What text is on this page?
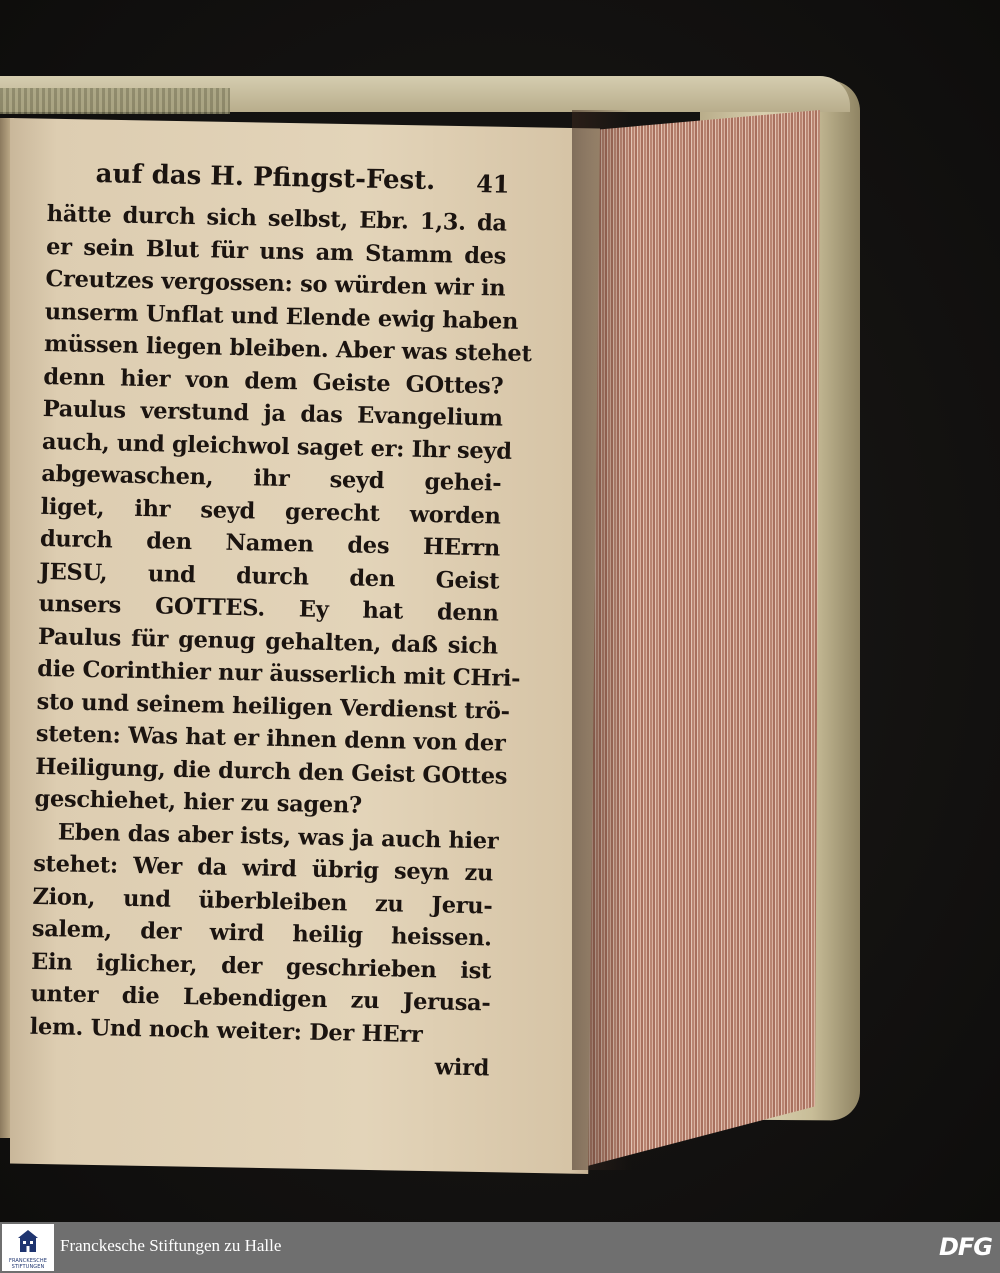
auf das H. Pfingst-Fest. 41
hätte durch sich selbst, Ebr. 1,3. da
er sein Blut für uns am Stamm des
Creutzes vergossen: so würden wir in
unserm Unflat und Elende ewig haben
müssen liegen bleiben. Aber was stehet
denn hier von dem Geiste GOttes?
Paulus verstund ja das Evangelium
auch, und gleichwol saget er: Ihr seyd
abgewaschen, ihr seyd gehei-
liget, ihr seyd gerecht worden
durch den Namen des HErrn
JESU, und durch den Geist
unsers GOTTES. Ey hat denn
Paulus für genug gehalten, daß sich
die Corinthier nur äusserlich mit CHri-
sto und seinem heiligen Verdienst trö-
steten: Was hat er ihnen denn von der
Heiligung, die durch den Geist GOttes
geschiehet, hier zu sagen?
Eben das aber ists, was ja auch hier
stehet: Wer da wird übrig seyn zu
Zion, und überbleiben zu Jeru-
salem, der wird heilig heissen.
Ein iglicher, der geschrieben ist
unter die Lebendigen zu Jerusa-
lem. Und noch weiter: Der HErr
wird
FRANCKESCHE STIFTUNGEN
Franckesche Stiftungen zu Halle	DFG
